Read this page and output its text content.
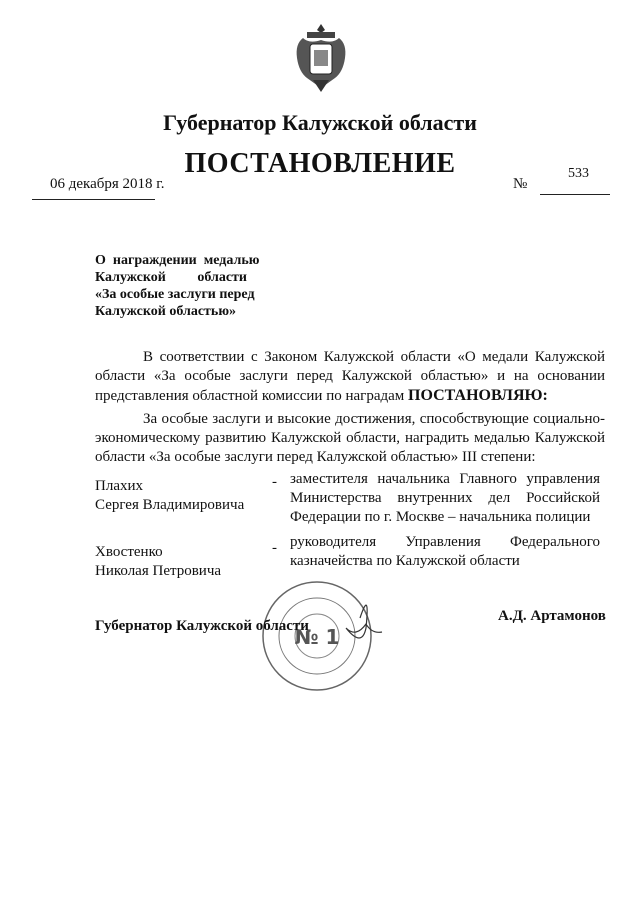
Губернатор Калужской области
ПОСТАНОВЛЕНИЕ
06 декабря 2018 г.	№
533
О  награждении  медалью
Калужской         области
«За особые заслуги перед
Калужской областью»
В соответствии с Законом Калужской области «О медали Калужской области «За особые заслуги перед Калужской областью» и на основании представления областной комиссии по наградам ПОСТАНОВЛЯЮ:
За особые заслуги и высокие достижения, способствующие социально-экономическому развитию Калужской области, наградить медалью Калужской области «За особые заслуги перед Калужской областью» III степени:
Плахих
Сергея Владимировича
- заместителя начальника Главного управления Министерства внутренних дел Российской Федерации по г. Москве – начальника полиции
Хвостенко
Николая Петровича
- руководителя Управления Федерального казначейства по Калужской области
№ 1
Губернатор Калужской области
А.Д. Артамонов
